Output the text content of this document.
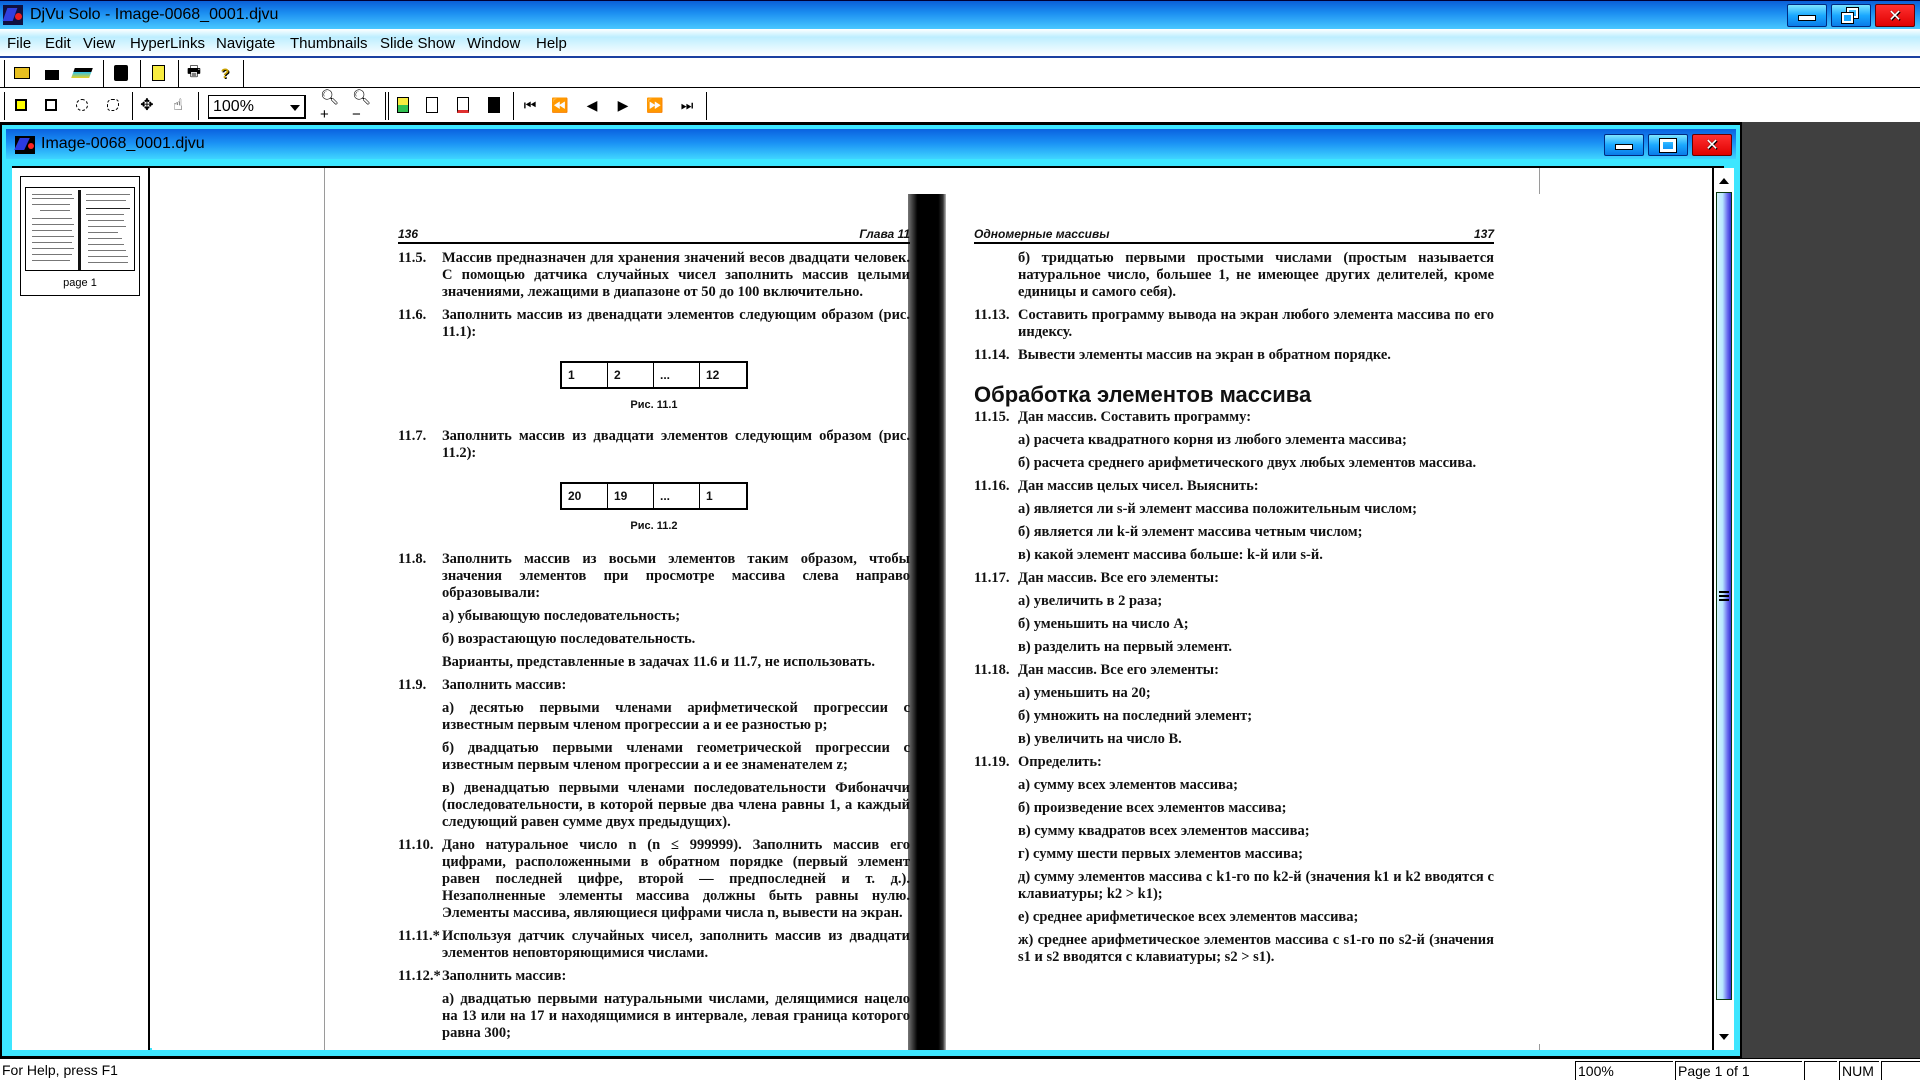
DjVu Solo - Image-0068_0001.djvu	✕
File Edit View HyperLinks Navigate Thumbnails Slide Show Window Help
🖶 ?
✥ ☝	100%
🔍︎+
🔍︎−
⏮ ⏪ ◀ ▶ ⏩ ⏭
Image-0068_0001.djvu	✕
page 1
136	Глава 11
11.5.	Массив предназначен для хранения значений весов двадцати человек. С помощью датчика случайных чисел заполнить массив целыми значениями, лежащими в диапазоне от 50 до 100 включительно.
11.6.	Заполнить массив из двенадцати элементов следующим образом (рис. 11.1):
1	2	...	12
Рис. 11.1
11.7.	Заполнить массив из двадцати элементов следующим образом (рис. 11.2):
20	19	...	1
Рис. 11.2
11.8.	Заполнить массив из восьми элементов таким образом, чтобы значения элементов при просмотре массива слева направо образовывали:
а) убывающую последовательность;
б) возрастающую последовательность.
Варианты, представленные в задачах 11.6 и 11.7, не использовать.
11.9.	Заполнить массив:
а) десятью первыми членами арифметической прогрессии с известным первым членом прогрессии a и ее разностью p;
б) двадцатью первыми членами геометрической прогрессии с известным первым членом прогрессии a и ее знаменателем z;
в) двенадцатью первыми членами последовательности Фибоначчи (последовательности, в которой первые два члена равны 1, а каждый следующий равен сумме двух предыдущих).
11.10. Дано натуральное число n (n ≤ 999999). Заполнить массив его цифрами, расположенными в обратном порядке (первый элемент равен последней цифре, второй — предпоследней и т. д.). Незаполненные элементы массива должны быть равны нулю. Элементы массива, являющиеся цифрами числа n, вывести на экран.
11.11.* Используя датчик случайных чисел, заполнить массив из двадцати элементов неповторяющимися числами.
11.12.* Заполнить массив:
а) двадцатью первыми натуральными числами, делящимися нацело на 13 или на 17 и находящимися в интервале, левая граница которого равна 300;
Одномерные массивы	137
б) тридцатью первыми простыми числами (простым называется натуральное число, большее 1, не имеющее других делителей, кроме единицы и самого себя).
11.13. Составить программу вывода на экран любого элемента массива по его индексу.
11.14. Вывести элементы массив на экран в обратном порядке.
Обработка элементов массива
11.15. Дан массив. Составить программу:
а) расчета квадратного корня из любого элемента массива;
б) расчета среднего арифметического двух любых элементов массива.
11.16. Дан массив целых чисел. Выяснить:
а) является ли s-й элемент массива положительным числом;
б) является ли k-й элемент массива четным числом;
в) какой элемент массива больше: k-й или s-й.
11.17. Дан массив. Все его элементы:
а) увеличить в 2 раза;
б) уменьшить на число A;
в) разделить на первый элемент.
11.18. Дан массив. Все его элементы:
а) уменьшить на 20;
б) умножить на последний элемент;
в) увеличить на число B.
11.19. Определить:
а) сумму всех элементов массива;
б) произведение всех элементов массива;
в) сумму квадратов всех элементов массива;
г) сумму шести первых элементов массива;
д) сумму элементов массива с k1-го по k2-й (значения k1 и k2 вводятся с клавиатуры; k2 > k1);
е) среднее арифметическое всех элементов массива;
ж) среднее арифметическое элементов массива с s1-го по s2-й (значения s1 и s2 вводятся с клавиатуры; s2 > s1).
For Help, press F1	100%	Page 1 of 1	NUM
